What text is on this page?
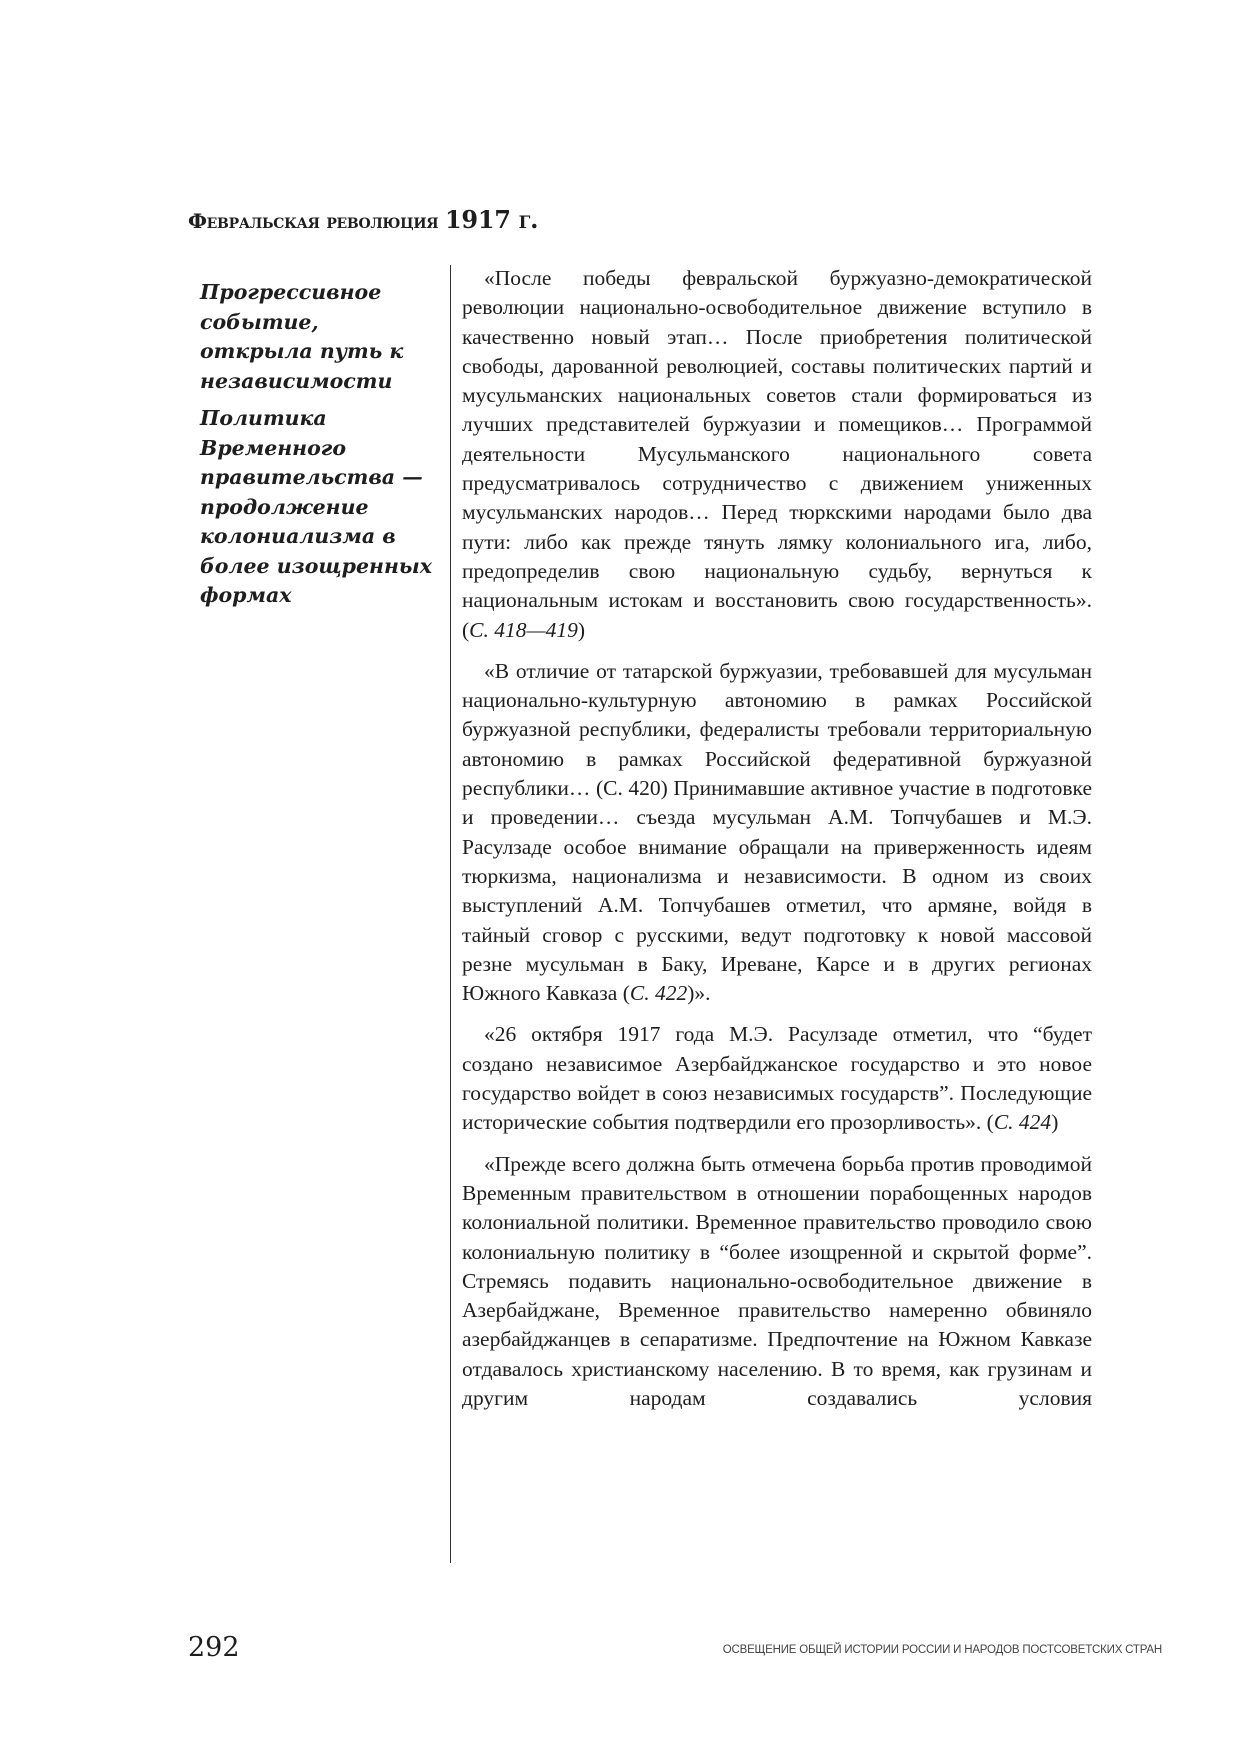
Февральская революция 1917 г.

Прогрессивное событие, открыла путь к независимости

Политика Временного правительства — продолжение колониализма в более изощренных формах

«После победы февральской буржуазно-демократической революции национально-освободительное движение вступило в качественно новый этап… После приобретения политической свободы, дарованной революцией, составы политических партий и мусульманских национальных советов стали формироваться из лучших представителей буржуазии и помещиков… Программой деятельности Мусульманского национального совета предусматривалось сотрудничество с движением униженных мусульманских народов… Перед тюркскими народами было два пути: либо как прежде тянуть лямку колониального ига, либо, предопределив свою национальную судьбу, вернуться к национальным истокам и восстановить свою государственность». (С. 418—419)

«В отличие от татарской буржуазии, требовавшей для мусульман национально-культурную автономию в рамках Российской буржуазной республики, федералисты требовали территориальную автономию в рамках Российской федеративной буржуазной республики… (С. 420) Принимавшие активное участие в подготовке и проведении… съезда мусульман А.М. Топчубашев и М.Э. Расулзаде особое внимание обращали на приверженность идеям тюркизма, национализма и независимости. В одном из своих выступлений А.М. Топчубашев отметил, что армяне, войдя в тайный сговор с русскими, ведут подготовку к новой массовой резне мусульман в Баку, Иреване, Карсе и в других регионах Южного Кавказа (С. 422)».

«26 октября 1917 года М.Э. Расулзаде отметил, что “будет создано независимое Азербайджанское государство и это новое государство войдет в союз независимых государств”. Последующие исторические события подтвердили его прозорливость». (С. 424)

«Прежде всего должна быть отмечена борьба против проводимой Временным правительством в отношении порабощенных народов колониальной политики. Временное правительство проводило свою колониальную политику в “более изощренной и скрытой форме”. Стремясь подавить национально-освободительное движение в Азербайджане, Временное правительство намеренно обвиняло азербайджанцев в сепаратизме. Предпочтение на Южном Кавказе отдавалось христианскому населению. В то время, как грузинам и другим народам создавались условия

292	ОСВЕЩЕНИЕ ОБЩЕЙ ИСТОРИИ РОССИИ И НАРОДОВ ПОСТСОВЕТСКИХ СТРАН
